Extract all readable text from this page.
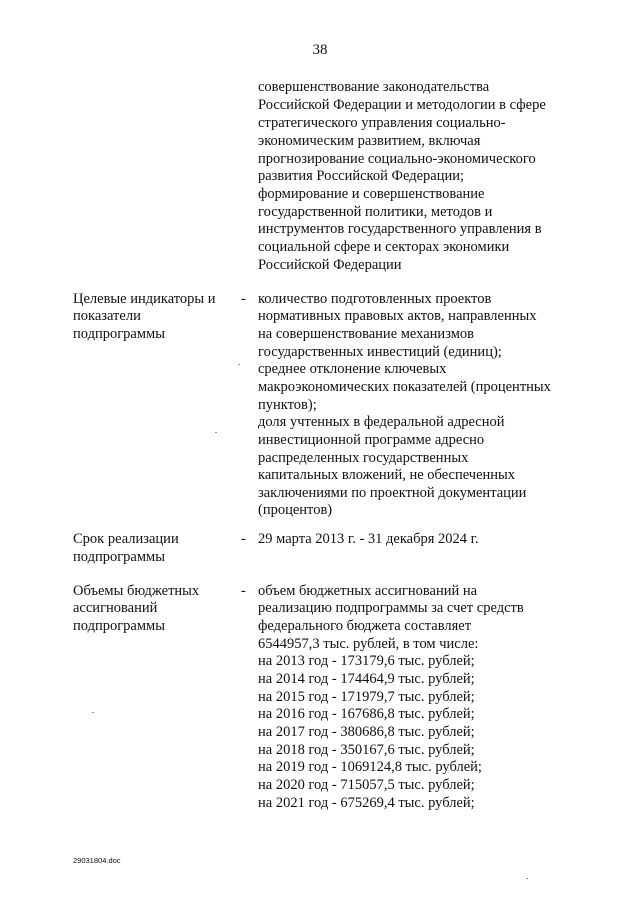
38
совершенствование законодательства
Российской Федерации и методологии в сфере
стратегического управления социально-
экономическим развитием, включая
прогнозирование социально-экономического
развития Российской Федерации;
формирование и совершенствование
государственной политики, методов и
инструментов государственного управления в
социальной сфере и секторах экономики
Российской Федерации
Целевые индикаторы и
показатели
подпрограммы
- количество подготовленных проектов
нормативных правовых актов, направленных
на совершенствование механизмов
государственных инвестиций (единиц);
среднее отклонение ключевых
макроэкономических показателей (процентных
пунктов);
доля учтенных в федеральной адресной
инвестиционной программе адресно
распределенных государственных
капитальных вложений, не обеспеченных
заключениями по проектной документации
(процентов)
Срок реализации
подпрограммы
- 29 марта 2013 г. - 31 декабря 2024 г.
Объемы бюджетных
ассигнований
подпрограммы
- объем бюджетных ассигнований на
реализацию подпрограммы за счет средств
федерального бюджета составляет
6544957,3 тыс. рублей, в том числе:
на 2013 год - 173179,6 тыс. рублей;
на 2014 год - 174464,9 тыс. рублей;
на 2015 год - 171979,7 тыс. рублей;
на 2016 год - 167686,8 тыс. рублей;
на 2017 год - 380686,8 тыс. рублей;
на 2018 год - 350167,6 тыс. рублей;
на 2019 год - 1069124,8 тыс. рублей;
на 2020 год - 715057,5 тыс. рублей;
на 2021 год - 675269,4 тыс. рублей;
29031804.doc
